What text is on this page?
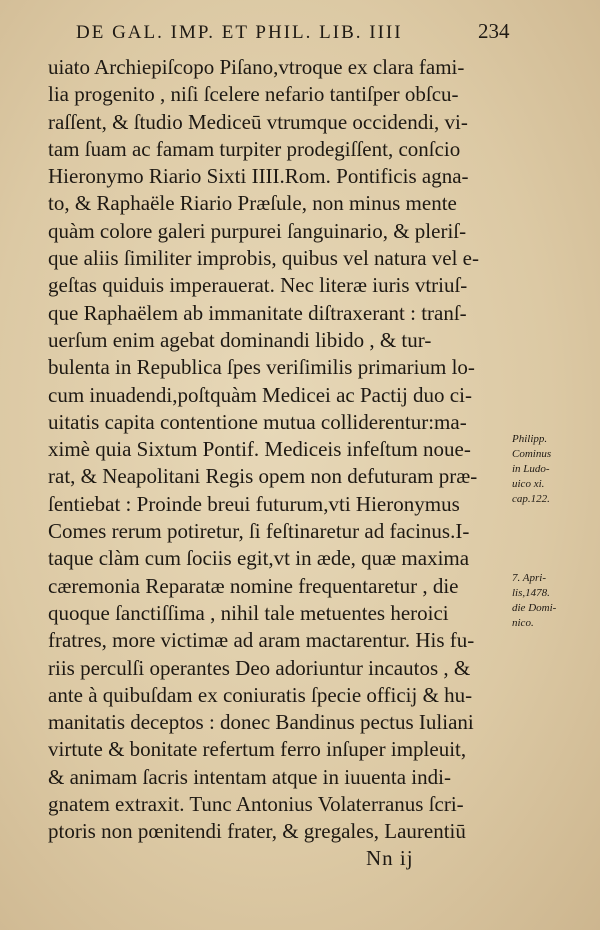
DE GAL. IMP. ET PHIL. LIB. IIII	234
uiato Archiepiſcopo Piſano,vtroque ex clara fami-
lia progenito , niſi ſcelere nefario tantiſper obſcu-
raſſent, & ſtudio Mediceū vtrumque occidendi, vi-
tam ſuam ac famam turpiter prodegiſſent, conſcio
Hieronymo Riario Sixti IIII.Rom. Pontificis agna-
to, & Raphaële Riario Præſule, non minus mente
quàm colore galeri purpurei ſanguinario, & pleriſ-
que aliis ſimiliter improbis, quibus vel natura vel e-
geſtas quiduis imperauerat. Nec literæ iuris vtriuſ-
que Raphaëlem ab immanitate diſtraxerant : tranſ-
uerſum enim agebat dominandi libido , & tur-
bulenta in Republica ſpes veriſimilis primarium lo-
cum inuadendi,poſtquàm Medicei ac Pactij duo ci-
uitatis capita contentione mutua colliderentur:ma-
ximè quia Sixtum Pontif. Mediceis infeſtum noue-
rat, & Neapolitani Regis opem non defuturam præ-
ſentiebat : Proinde breui futurum,vti Hieronymus
Comes rerum potiretur, ſi feſtinaretur ad facinus.I-
taque clàm cum ſociis egit,vt in æde, quæ maxima
cæremonia Reparatæ nomine frequentaretur , die
quoque ſanctiſſima , nihil tale metuentes heroici
fratres, more victimæ ad aram mactarentur. His fu-
riis perculſi operantes Deo adoriuntur incautos , &
ante à quibuſdam ex coniuratis ſpecie officij & hu-
manitatis deceptos : donec Bandinus pectus Iuliani
virtute & bonitate refertum ferro inſuper impleuit,
& animam ſacris intentam atque in iuuenta indi-
gnatem extraxit. Tunc Antonius Volaterranus ſcri-
ptoris non pœnitendi frater, & gregales, Laurentiū
Philipp.
Cominus
in Ludo-
uico xi.
cap.122.
7. Apri-
lis,1478.
die Domi-
nico.
Nn ij
